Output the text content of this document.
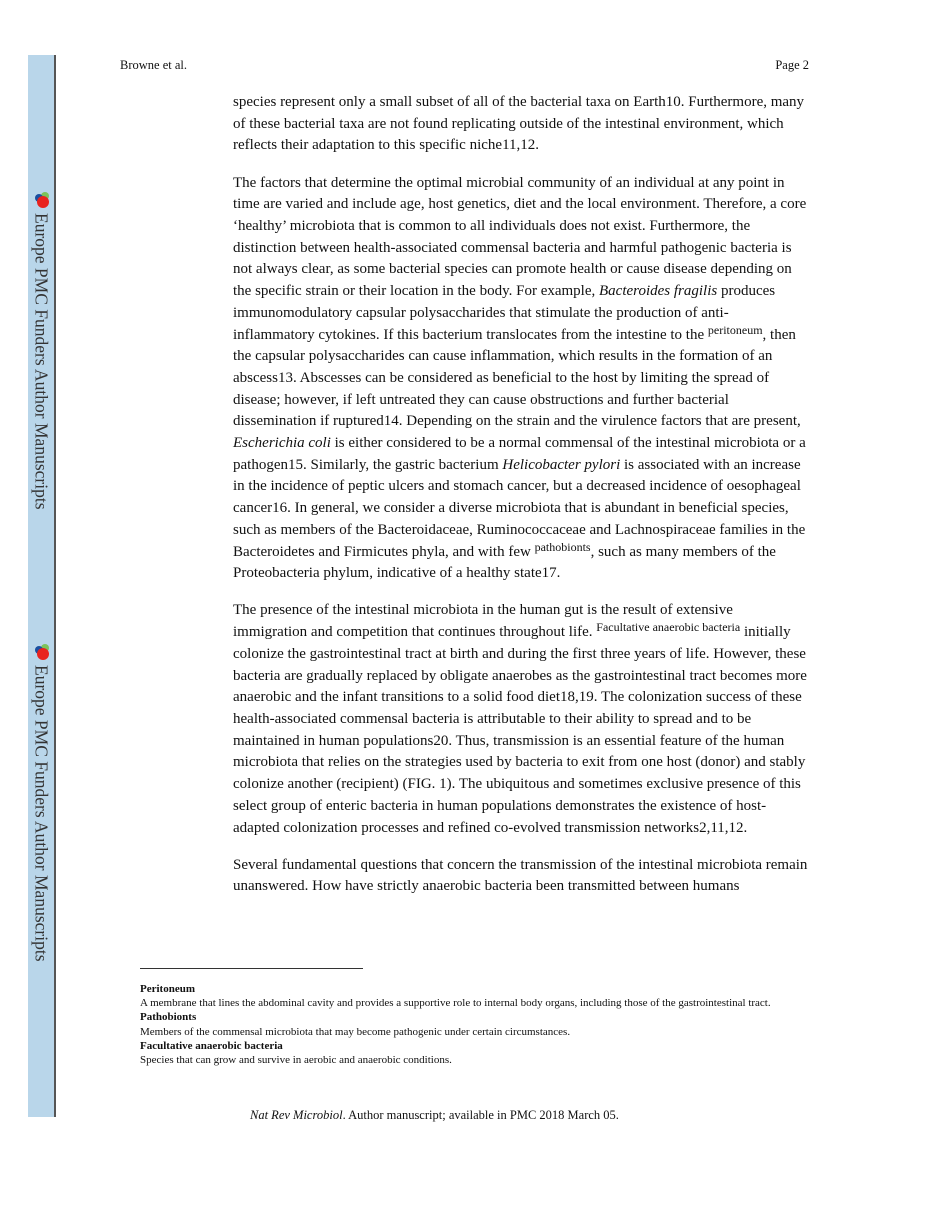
Europe PMC Funders Author Manuscripts
Europe PMC Funders Author Manuscripts
Browne et al.	Page 2

species represent only a small subset of all of the bacterial taxa on Earth10. Furthermore, many of these bacterial taxa are not found replicating outside of the intestinal environment, which reflects their adaptation to this specific niche11,12.

The factors that determine the optimal microbial community of an individual at any point in time are varied and include age, host genetics, diet and the local environment. Therefore, a core ‘healthy’ microbiota that is common to all individuals does not exist. Furthermore, the distinction between health-associated commensal bacteria and harmful pathogenic bacteria is not always clear, as some bacterial species can promote health or cause disease depending on the specific strain or their location in the body. For example, Bacteroides fragilis produces immunomodulatory capsular polysaccharides that stimulate the production of anti-inflammatory cytokines. If this bacterium translocates from the intestine to the $^{peritoneum}$, then the capsular polysaccharides can cause inflammation, which results in the formation of an abscess13. Abscesses can be considered as beneficial to the host by limiting the spread of disease; however, if left untreated they can cause obstructions and further bacterial dissemination if ruptured14. Depending on the strain and the virulence factors that are present, Escherichia coli is either considered to be a normal commensal of the intestinal microbiota or a pathogen15. Similarly, the gastric bacterium Helicobacter pylori is associated with an increase in the incidence of peptic ulcers and stomach cancer, but a decreased incidence of oesophageal cancer16. In general, we consider a diverse microbiota that is abundant in beneficial species, such as members of the Bacteroidaceae, Ruminococcaceae and Lachnospiraceae families in the Bacteroidetes and Firmicutes phyla, and with few $^{pathobionts}$, such as many members of the Proteobacteria phylum, indicative of a healthy state17.

The presence of the intestinal microbiota in the human gut is the result of extensive immigration and competition that continues throughout life. $^{Facultative anaerobic bacteria}$ initially colonize the gastrointestinal tract at birth and during the first three years of life. However, these bacteria are gradually replaced by obligate anaerobes as the gastrointestinal tract becomes more anaerobic and the infant transitions to a solid food diet18,19. The colonization success of these health-associated commensal bacteria is attributable to their ability to spread and to be maintained in human populations20. Thus, transmission is an essential feature of the human microbiota that relies on the strategies used by bacteria to exit from one host (donor) and stably colonize another (recipient) (FIG. 1). The ubiquitous and sometimes exclusive presence of this select group of enteric bacteria in human populations demonstrates the existence of host-adapted colonization processes and refined co-evolved transmission networks2,11,12.

Several fundamental questions that concern the transmission of the intestinal microbiota remain unanswered. How have strictly anaerobic bacteria been transmitted between humans

Peritoneum
A membrane that lines the abdominal cavity and provides a supportive role to internal body organs, including those of the gastrointestinal tract.
Pathobionts
Members of the commensal microbiota that may become pathogenic under certain circumstances.
Facultative anaerobic bacteria
Species that can grow and survive in aerobic and anaerobic conditions.
Nat Rev Microbiol. Author manuscript; available in PMC 2018 March 05.
